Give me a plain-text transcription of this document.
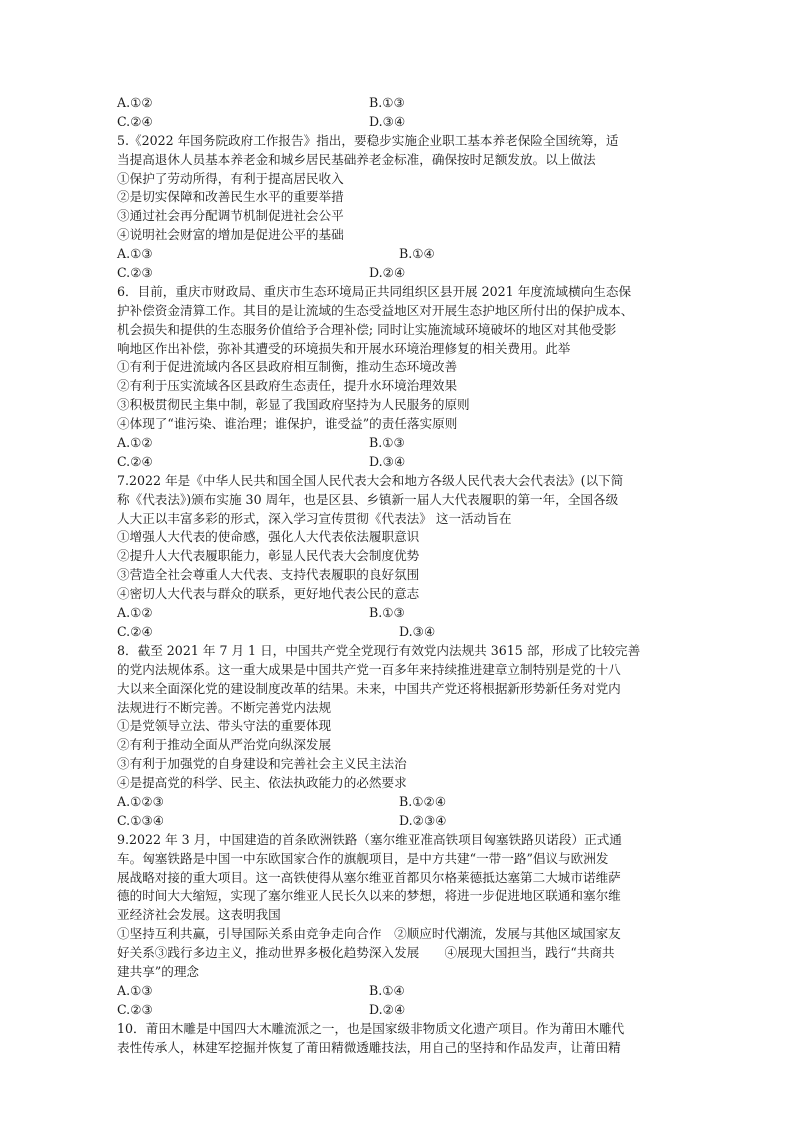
A.①②	B.①③
C.②④	D.③④
5.《2022 年国务院政府工作报告》指出，要稳步实施企业职工基本养老保险全国统筹，适
当提高退休人员基本养老金和城乡居民基础养老金标准，确保按时足额发放。以上做法
①保护了劳动所得，有利于提高居民收入
②是切实保障和改善民生水平的重要举措
③通过社会再分配调节机制促进社会公平
④说明社会财富的增加是促进公平的基础
A.①③	B.①④
C.②③	D.②④
6．目前，重庆市财政局、重庆市生态环境局正共同组织区县开展 2021 年度流域横向生态保
护补偿资金清算工作。其目的是让流域的生态受益地区对开展生态护地区所付出的保护成本、
机会损失和提供的生态服务价值给予合理补偿; 同时让实施流域环境破坏的地区对其他受影
响地区作出补偿，弥补其遭受的环境损失和开展水环境治理修复的相关费用。此举
①有利于促进流域内各区县政府相互制衡，推动生态环境改善
②有利于压实流域各区县政府生态责任，提升水环境治理效果
③积极贯彻民主集中制，彰显了我国政府坚持为人民服务的原则
④体现了“谁污染、谁治理；谁保护，谁受益”的责任落实原则
A.①②	B.①③
C.②④	D.③④
7.2022 年是《中华人民共和国全国人民代表大会和地方各级人民代表大会代表法》(以下简
称《代表法》)颁布实施 30 周年，也是区县、乡镇新一届人大代表履职的第一年，全国各级
人大正以丰富多彩的形式，深入学习宣传贯彻《代表法》 这一活动旨在
①增强人大代表的使命感，强化人大代表依法履职意识
②提升人大代表履职能力，彰显人民代表大会制度优势
③营造全社会尊重人大代表、支持代表履职的良好氛围
④密切人大代表与群众的联系，更好地代表公民的意志
A.①②	B.①③
C.②④	D.③④
8．截至 2021 年 7 月 1 日，中国共产党全党现行有效党内法规共 3615 部，形成了比较完善
的党内法规体系。这一重大成果是中国共产党一百多年来持续推进建章立制特别是党的十八
大以来全面深化党的建设制度改革的结果。未来，中国共产党还将根据新形势新任务对党内
法规进行不断完善。不断完善党内法规
①是党领导立法、带头守法的重要体现
②有利于推动全面从严治党向纵深发展
③有利于加强党的自身建设和完善社会主义民主法治
④是提高党的科学、民主、依法执政能力的必然要求
A.①②③	B.①②④
C.①③④	D.②③④
9.2022 年 3 月，中国建造的首条欧洲铁路（塞尔维亚准高铁项目匈塞铁路贝诺段）正式通
车。匈塞铁路是中国一中东欧国家合作的旗舰项目，是中方共建“一带一路”倡议与欧洲发
展战略对接的重大项目。这一高铁使得从塞尔维亚首都贝尔格莱德抵达塞第二大城市诺维萨
德的时间大大缩短，实现了塞尔维亚人民长久以来的梦想，将进一步促进地区联通和塞尔维
亚经济社会发展。这表明我国
①坚持互利共赢，引导国际关系由竞争走向合作　②顺应时代潮流，发展与其他区域国家友
好关系③践行多边主义，推动世界多极化趋势深入发展　　④展现大国担当，践行“共商共
建共享”的理念
A.①③	B.①④
C.②③	D.②④
10．莆田木雕是中国四大木雕流派之一，也是国家级非物质文化遗产项目。作为莆田木雕代
表性传承人，林建军挖掘并恢复了莆田精微透雕技法，用自己的坚持和作品发声，让莆田精
